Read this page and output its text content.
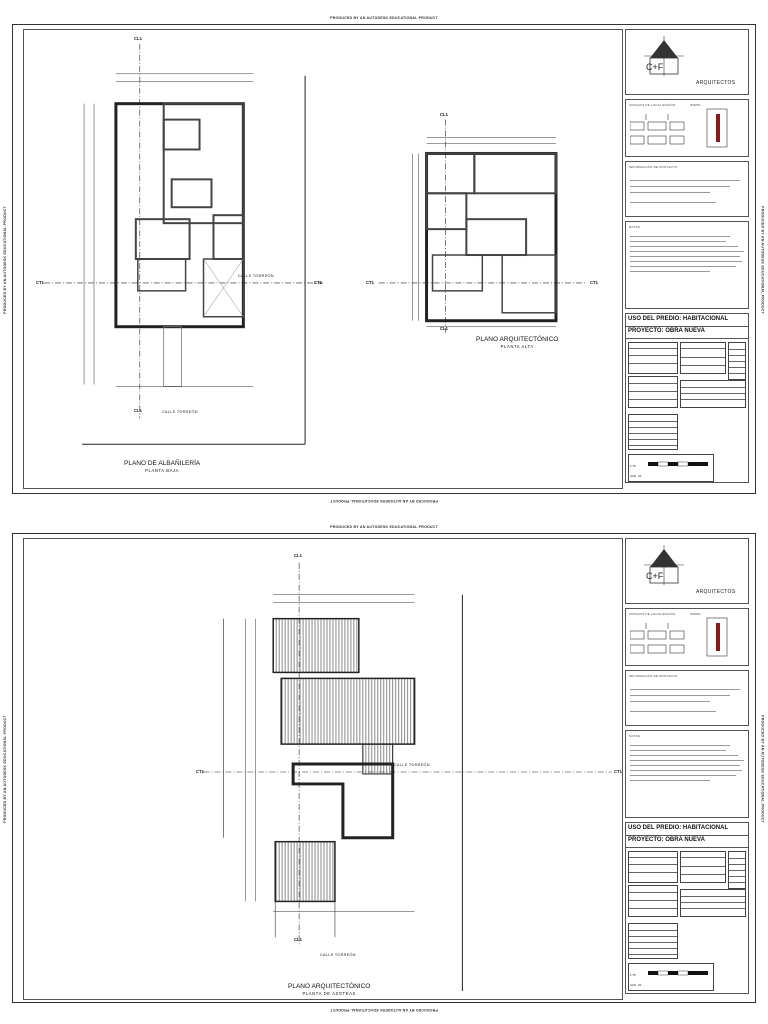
PRODUCED BY AN AUTODESK EDUCATIONAL PRODUCT
PRODUCED BY AN AUTODESK EDUCATIONAL PRODUCT
PRODUCED BY AN AUTODESK EDUCATIONAL PRODUCT	PRODUCED BY AN AUTODESK EDUCATIONAL PRODUCT
CL1
CL1
CT1	CT1	CT1	CT1
CL1
CL1
CALLE TORREÓN
CALLE TORREÓN
PLANO DE ALBAÑILERÍA
PLANTA BAJA
PLANO ARQUITECTÓNICO
PLANTA ALTA
C+F
ARQUITECTOS
CROQUIS DE LOCALIZACIÓN	NORTE
INFORMACIÓN DE PROYECTO
NOTAS
USO DEL PREDIO: HABITACIONAL
PROYECTO: OBRA NUEVA
1:75
ALB - 01
PRODUCED BY AN AUTODESK EDUCATIONAL PRODUCT
PRODUCED BY AN AUTODESK EDUCATIONAL PRODUCT
PRODUCED BY AN AUTODESK EDUCATIONAL PRODUCT	PRODUCED BY AN AUTODESK EDUCATIONAL PRODUCT
CL1
CL1
CT1	CT1
CALLE TORREÓN
CALLE TORREÓN
PLANO ARQUITECTÓNICO
PLANTA DE AZOTEAS
C+F
ARQUITECTOS
CROQUIS DE LOCALIZACIÓN	NORTE
INFORMACIÓN DE PROYECTO
NOTAS
USO DEL PREDIO: HABITACIONAL
PROYECTO: OBRA NUEVA
1:75
ALB - 01
